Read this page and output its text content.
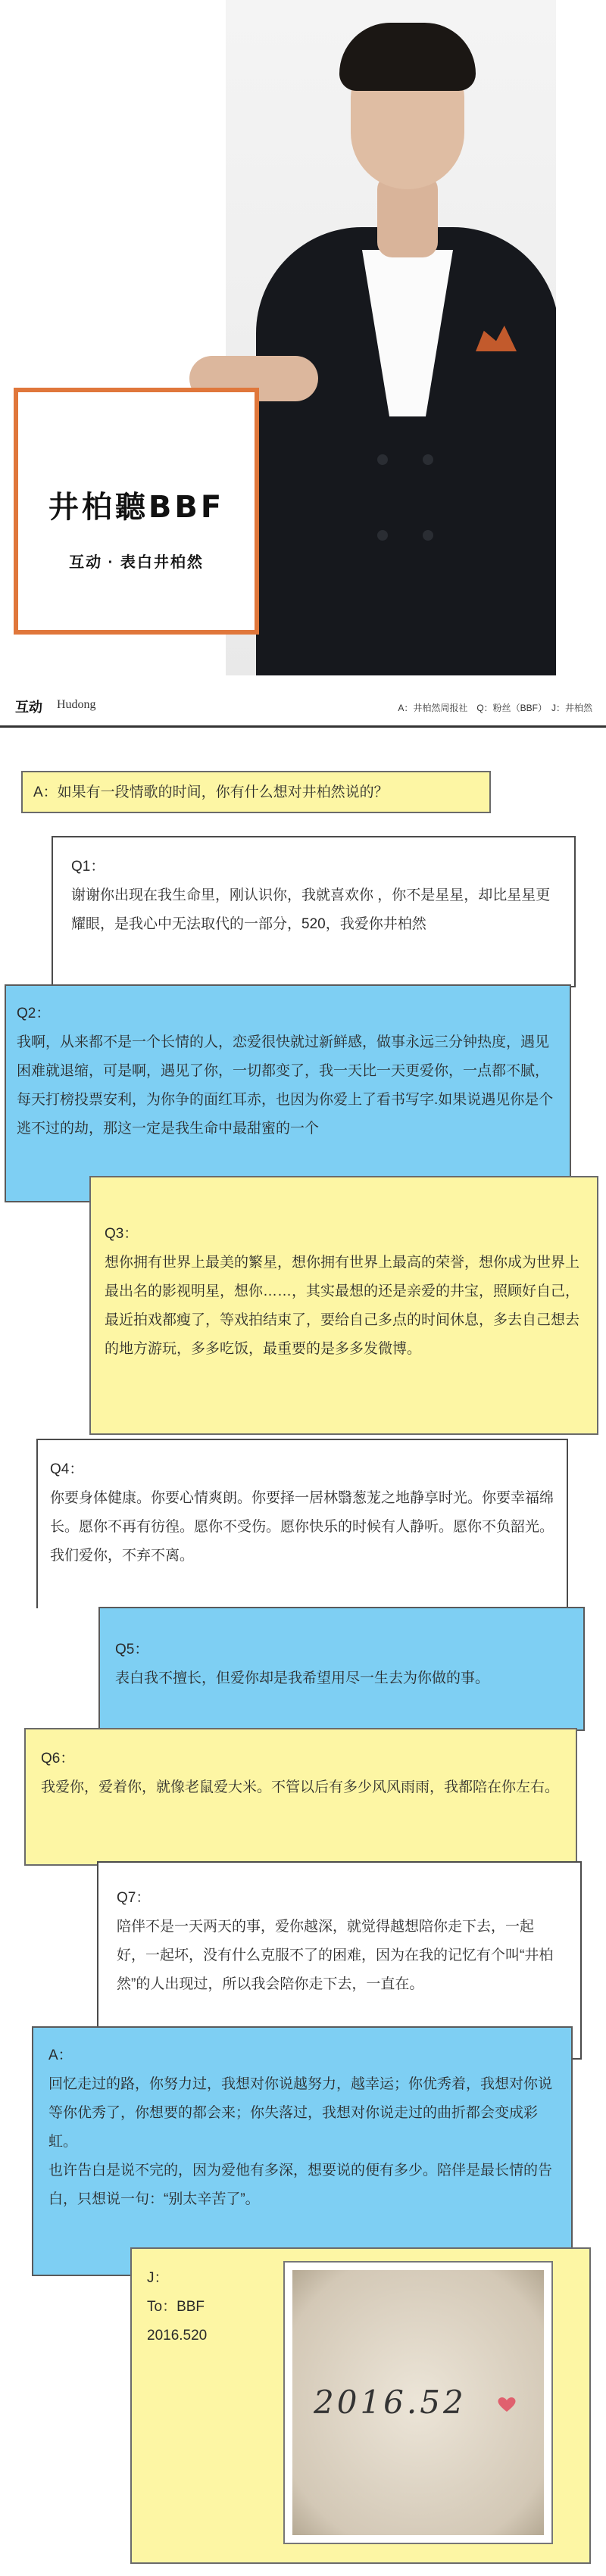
井柏聽BBF
互动 · 表白井柏然
互动 Hudong	A：井柏然周报社　Q：粉丝（BBF）　J：井柏然
A：如果有一段情歌的时间，你有什么想对井柏然说的？
Q1：
谢谢你出现在我生命里，刚认识你，我就喜欢你 ，你不是星星，却比星星更耀眼，是我心中无法取代的一部分，520，我爱你井柏然
Q2：
我啊，从来都不是一个长情的人，恋爱很快就过新鲜感，做事永远三分钟热度，遇见困难就退缩，可是啊，遇见了你，一切都变了，我一天比一天更爱你，一点都不腻，每天打榜投票安利，为你争的面红耳赤，也因为你爱上了看书写字.如果说遇见你是个逃不过的劫，那这一定是我生命中最甜蜜的一个
Q3：
想你拥有世界上最美的繁星，想你拥有世界上最高的荣誉，想你成为世界上最出名的影视明星，想你……，其实最想的还是亲爱的井宝，照顾好自己，最近拍戏都瘦了，等戏拍结束了，要给自己多点的时间休息，多去自己想去的地方游玩，多多吃饭，最重要的是多多发微博。
Q4：
你要身体健康。你要心情爽朗。你要择一居林翳葱茏之地静享时光。你要幸福绵长。愿你不再有彷徨。愿你不受伤。愿你快乐的时候有人静听。愿你不负韶光。我们爱你，不弃不离。
Q5：
表白我不擅长，但爱你却是我希望用尽一生去为你做的事。
Q6：
我爱你，爱着你，就像老鼠爱大米。不管以后有多少风风雨雨，我都陪在你左右。
Q7：
陪伴不是一天两天的事，爱你越深，就觉得越想陪你走下去，一起好，一起坏，没有什么克服不了的困难，因为在我的记忆有个叫“井柏然”的人出现过，所以我会陪你走下去，一直在。
A：
回忆走过的路，你努力过，我想对你说越努力，越幸运；你优秀着，我想对你说等你优秀了，你想要的都会来；你失落过，我想对你说走过的曲折都会变成彩虹。
也许告白是说不完的，因为爱他有多深，想要说的便有多少。陪伴是最长情的告白，只想说一句：“别太辛苦了”。
J：
To：BBF
2016.520
2016.52
